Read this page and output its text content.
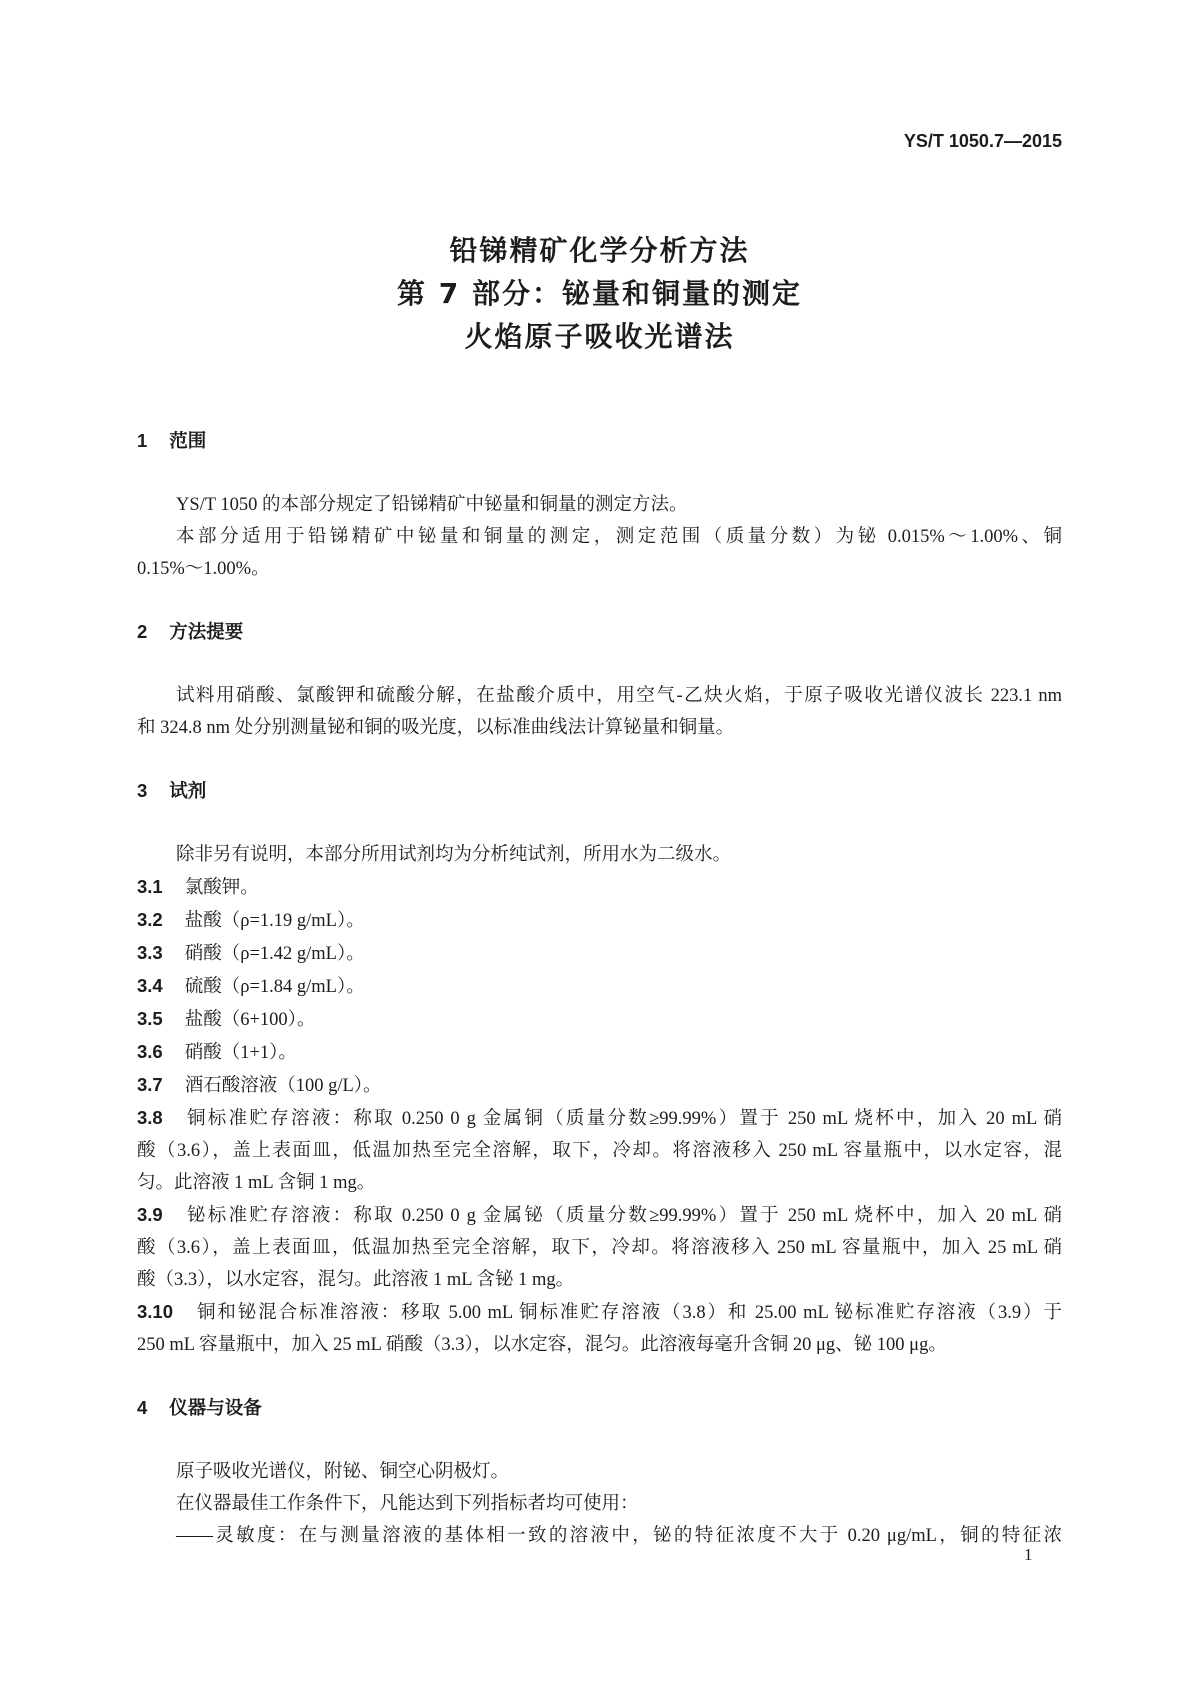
YS/T 1050.7—2015
铅锑精矿化学分析方法
第 7 部分：铋量和铜量的测定
火焰原子吸收光谱法
1 范围
YS/T 1050 的本部分规定了铅锑精矿中铋量和铜量的测定方法。
本部分适用于铅锑精矿中铋量和铜量的测定，测定范围（质量分数）为铋 0.015%～1.00%、铜
0.15%～1.00%。
2 方法提要
试料用硝酸、氯酸钾和硫酸分解，在盐酸介质中，用空气-乙炔火焰，于原子吸收光谱仪波长 223.1 nm
和 324.8 nm 处分别测量铋和铜的吸光度，以标准曲线法计算铋量和铜量。
3 试剂
除非另有说明，本部分所用试剂均为分析纯试剂，所用水为二级水。
3.1 氯酸钾。
3.2 盐酸（ρ=1.19 g/mL）。
3.3 硝酸（ρ=1.42 g/mL）。
3.4 硫酸（ρ=1.84 g/mL）。
3.5 盐酸（6+100）。
3.6 硝酸（1+1）。
3.7 酒石酸溶液（100 g/L）。
3.8 铜标准贮存溶液：称取 0.250 0 g 金属铜（质量分数≥99.99%）置于 250 mL 烧杯中，加入 20 mL 硝
酸（3.6），盖上表面皿，低温加热至完全溶解，取下，冷却。将溶液移入 250 mL 容量瓶中，以水定容，混
匀。此溶液 1 mL 含铜 1 mg。
3.9 铋标准贮存溶液：称取 0.250 0 g 金属铋（质量分数≥99.99%）置于 250 mL 烧杯中，加入 20 mL 硝
酸（3.6），盖上表面皿，低温加热至完全溶解，取下，冷却。将溶液移入 250 mL 容量瓶中，加入 25 mL 硝
酸（3.3），以水定容，混匀。此溶液 1 mL 含铋 1 mg。
3.10 铜和铋混合标准溶液：移取 5.00 mL 铜标准贮存溶液（3.8）和 25.00 mL 铋标准贮存溶液（3.9）于
250 mL 容量瓶中，加入 25 mL 硝酸（3.3），以水定容，混匀。此溶液每毫升含铜 20 μg、铋 100 μg。
4 仪器与设备
原子吸收光谱仪，附铋、铜空心阴极灯。
在仪器最佳工作条件下，凡能达到下列指标者均可使用：
——灵敏度：在与测量溶液的基体相一致的溶液中，铋的特征浓度不大于 0.20 μg/mL，铜的特征浓
1
